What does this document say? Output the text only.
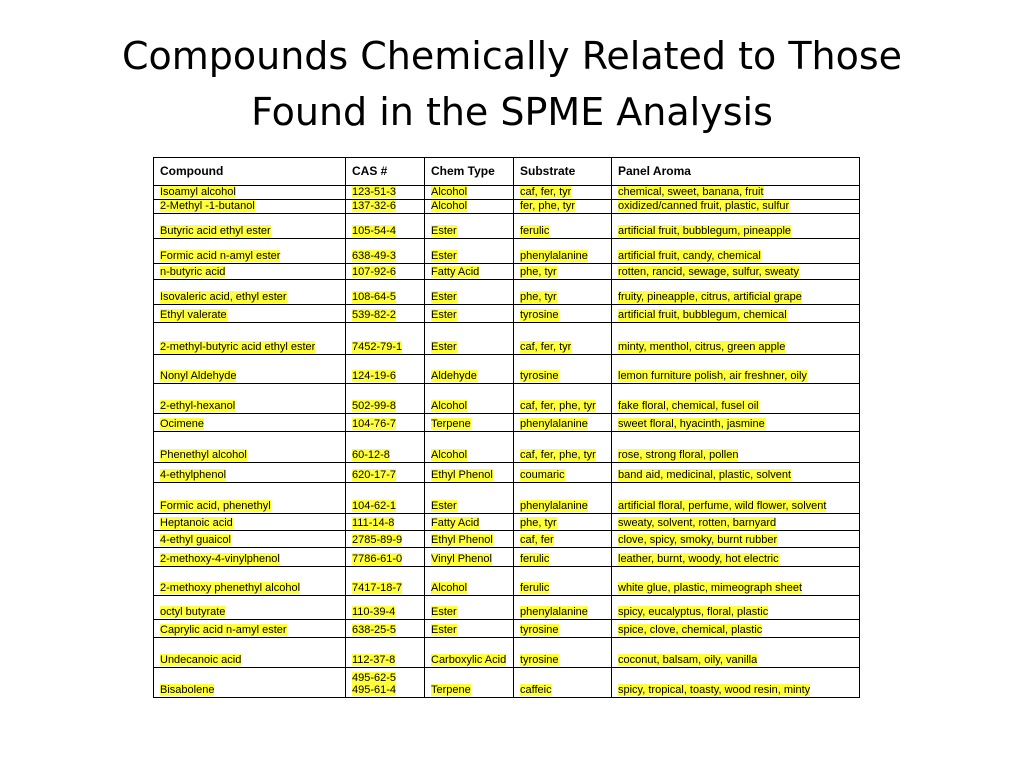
Compounds Chemically Related to Those
Found in the SPME Analysis
Compound	CAS #	Chem Type	Substrate	Panel Aroma
Isoamyl alcohol	123-51-3	Alcohol	caf, fer, tyr	chemical, sweet, banana, fruit
2-Methyl -1-butanol	137-32-6	Alcohol	fer, phe, tyr	oxidized/canned fruit, plastic, sulfur
Butyric acid ethyl ester	105-54-4	Ester	ferulic	artificial fruit, bubblegum, pineapple
Formic acid n-amyl ester	638-49-3	Ester	phenylalanine	artificial fruit, candy, chemical
n-butyric acid	107-92-6	Fatty Acid	phe, tyr	rotten, rancid, sewage, sulfur, sweaty
Isovaleric acid, ethyl ester	108-64-5	Ester	phe, tyr	fruity, pineapple, citrus, artificial grape
Ethyl valerate	539-82-2	Ester	tyrosine	artificial fruit, bubblegum, chemical
2-methyl-butyric acid ethyl ester	7452-79-1	Ester	caf, fer, tyr	minty, menthol, citrus, green apple
Nonyl Aldehyde	124-19-6	Aldehyde	tyrosine	lemon furniture polish, air freshner, oily
2-ethyl-hexanol	502-99-8	Alcohol	caf, fer, phe, tyr	fake floral, chemical, fusel oil
Ocimene	104-76-7	Terpene	phenylalanine	sweet floral, hyacinth, jasmine
Phenethyl alcohol	60-12-8	Alcohol	caf, fer, phe, tyr	rose, strong floral, pollen
4-ethylphenol	620-17-7	Ethyl Phenol	coumaric	band aid, medicinal, plastic, solvent
Formic acid, phenethyl	104-62-1	Ester	phenylalanine	artificial floral, perfume, wild flower, solvent
Heptanoic acid	111-14-8	Fatty Acid	phe, tyr	sweaty, solvent, rotten, barnyard
4-ethyl guaicol	2785-89-9	Ethyl Phenol	caf, fer	clove, spicy, smoky, burnt rubber
2-methoxy-4-vinylphenol	7786-61-0	Vinyl Phenol	ferulic	leather, burnt, woody, hot electric
2-methoxy phenethyl alcohol	7417-18-7	Alcohol	ferulic	white glue, plastic, mimeograph sheet
octyl butyrate	110-39-4	Ester	phenylalanine	spicy, eucalyptus, floral, plastic
Caprylic acid n-amyl ester	638-25-5	Ester	tyrosine	spice, clove, chemical, plastic
Undecanoic acid	112-37-8	Carboxylic Acid	tyrosine	coconut, balsam, oily, vanilla
Bisabolene	495-62-5 495-61-4	Terpene	caffeic	spicy, tropical, toasty, wood resin, minty
